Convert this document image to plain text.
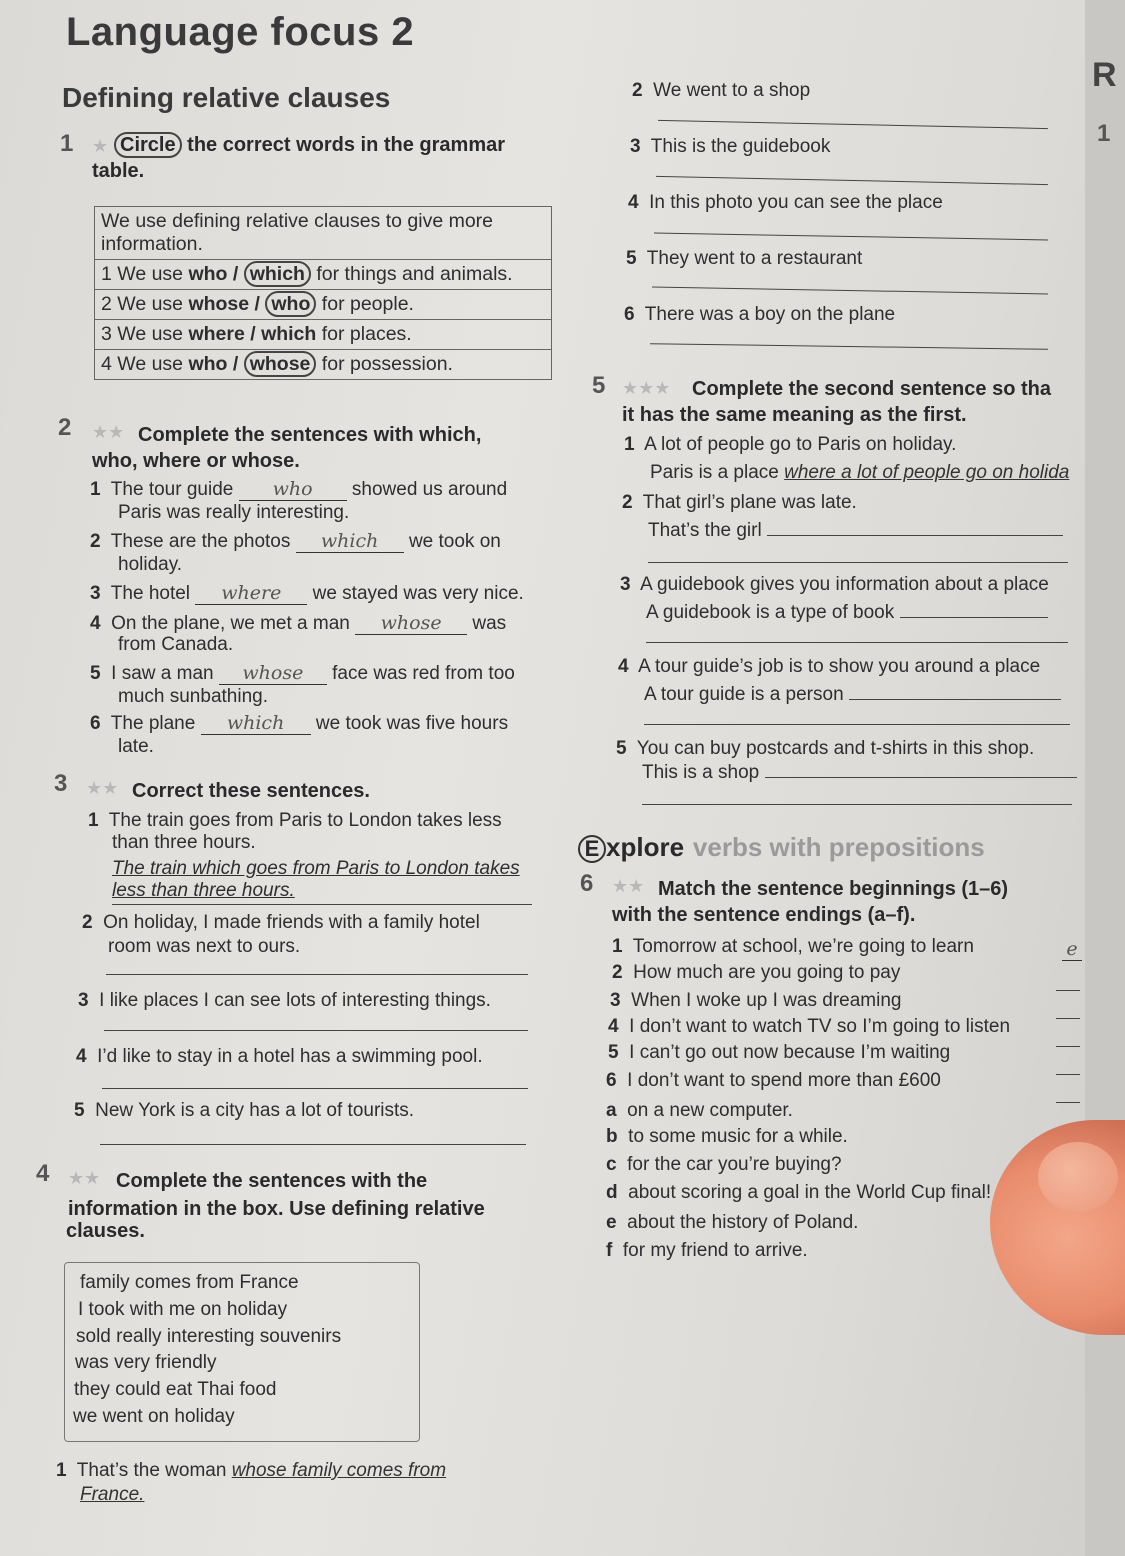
R
1
Language focus 2
Defining relative clauses
1 ★ Circle the correct words in the grammar
table.
We use defining relative clauses to give more
information.
1 We use who / which for things and animals.
2 We use whose / who for people.
3 We use where / which for places.
4 We use who / whose for possession.
2 ★★ Complete the sentences with which,
who, where or whose.
1 The tour guide who showed us around
Paris was really interesting.
2 These are the photos which we took on
holiday.
3 The hotel where we stayed was very nice.
4 On the plane, we met a man whose was
from Canada.
5 I saw a man whose face was red from too
much sunbathing.
6 The plane which we took was five hours
late.
3 ★★ Correct these sentences.
1 The train goes from Paris to London takes less
than three hours.
The train which goes from Paris to London takes
less than three hours.
2 On holiday, I made friends with a family hotel
room was next to ours.
3 I like places I can see lots of interesting things.
4 I’d like to stay in a hotel has a swimming pool.
5 New York is a city has a lot of tourists.
4 ★★ Complete the sentences with the
information in the box. Use defining relative
clauses.
family comes from France
I took with me on holiday
sold really interesting souvenirs
was very friendly
they could eat Thai food
we went on holiday
1 That’s the woman whose family comes from
France.
2 We went to a shop
3 This is the guidebook
4 In this photo you can see the place
5 They went to a restaurant
6 There was a boy on the plane
5 ★★★ Complete the second sentence so tha
it has the same meaning as the first.
1 A lot of people go to Paris on holiday.
Paris is a place where a lot of people go on holida
2 That girl’s plane was late.
That’s the girl
3 A guidebook gives you information about a place
A guidebook is a type of book
4 A tour guide’s job is to show you around a place
A tour guide is a person
5 You can buy postcards and t-shirts in this shop.
This is a shop
E xplore verbs with prepositions
6 ★★ Match the sentence beginnings (1–6)
with the sentence endings (a–f).
1 Tomorrow at school, we’re going to learn
2 How much are you going to pay
3 When I woke up I was dreaming
4 I don’t want to watch TV so I’m going to listen
5 I can’t go out now because I’m waiting
6 I don’t want to spend more than £600
e
a on a new computer.
b to some music for a while.
c for the car you’re buying?
d about scoring a goal in the World Cup final!
e about the history of Poland.
f for my friend to arrive.
